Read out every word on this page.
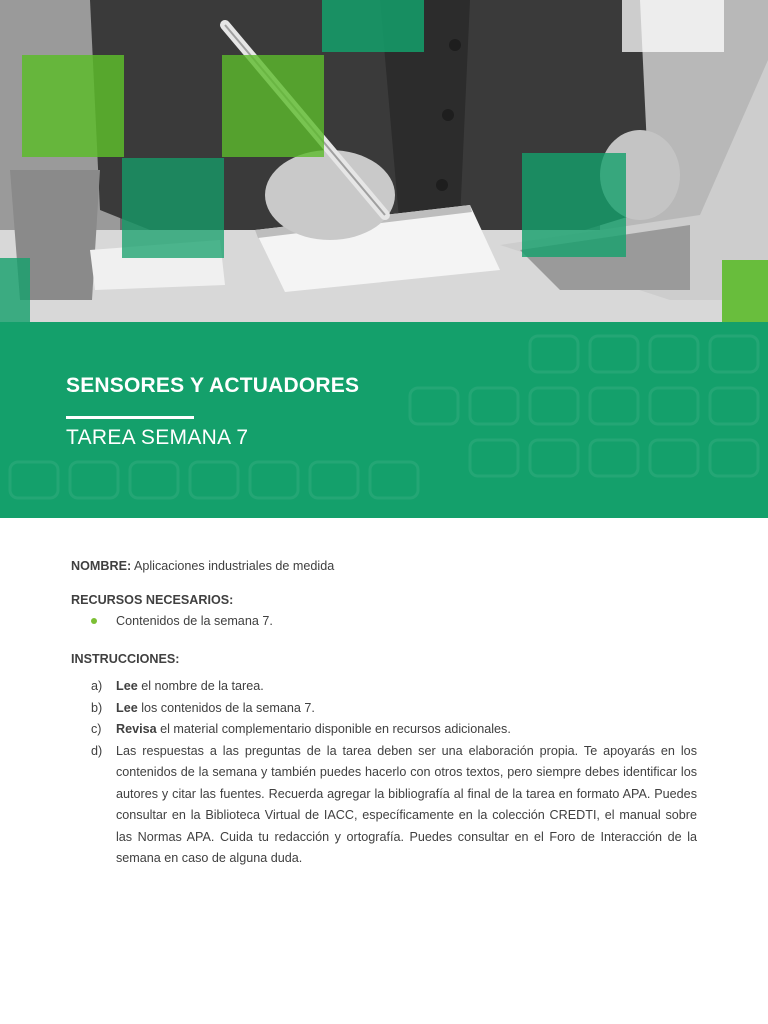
SENSORES Y ACTUADORES
TAREA SEMANA 7

NOMBRE: Aplicaciones industriales de medida

RECURSOS NECESARIOS:

Contenidos de la semana 7.

INSTRUCCIONES:

a) Lee el nombre de la tarea.
b) Lee los contenidos de la semana 7.
c) Revisa el material complementario disponible en recursos adicionales.
d) Las respuestas a las preguntas de la tarea deben ser una elaboración propia. Te apoyarás en los contenidos de la semana y también puedes hacerlo con otros textos, pero siempre debes identificar los autores y citar las fuentes. Recuerda agregar la bibliografía al final de la tarea en formato APA. Puedes consultar en la Biblioteca Virtual de IACC, específicamente en la colección CREDTI, el manual sobre las Normas APA. Cuida tu redacción y ortografía. Puedes consultar en el Foro de Interacción de la semana en caso de alguna duda.
